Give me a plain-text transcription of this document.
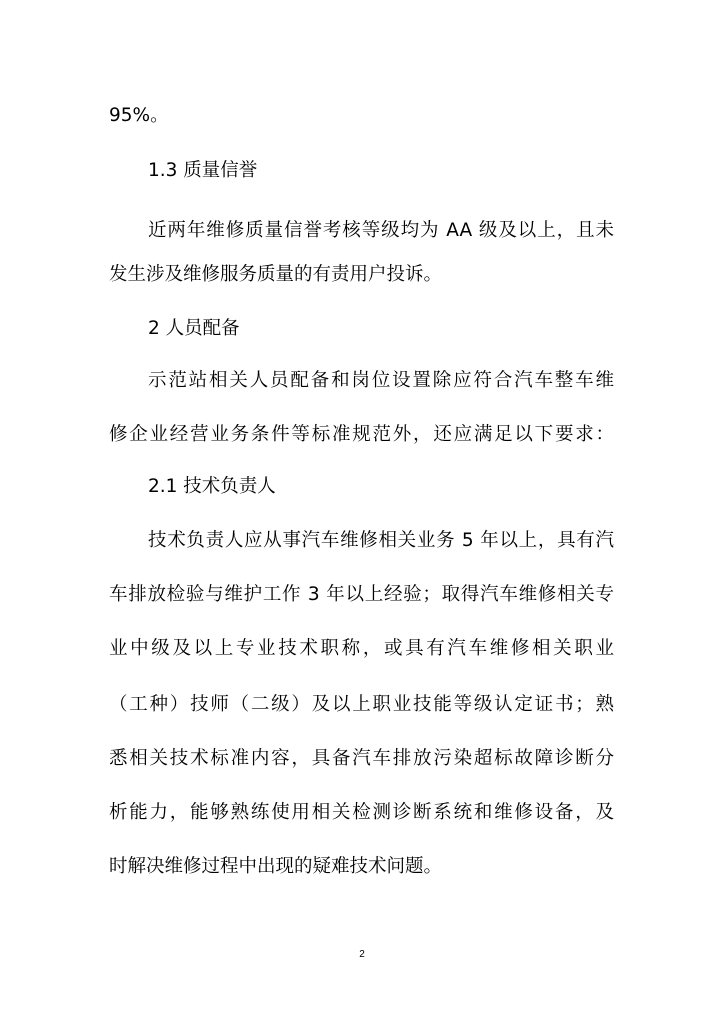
95%。
1.3 质量信誉
近两年维修质量信誉考核等级均为 AA 级及以上，且未
发生涉及维修服务质量的有责用户投诉。
2 人员配备
示范站相关人员配备和岗位设置除应符合汽车整车维
修企业经营业务条件等标准规范外，还应满足以下要求：
2.1 技术负责人
技术负责人应从事汽车维修相关业务 5 年以上，具有汽
车排放检验与维护工作 3 年以上经验；取得汽车维修相关专
业中级及以上专业技术职称，或具有汽车维修相关职业
（工种）技师（二级）及以上职业技能等级认定证书；熟
悉相关技术标准内容，具备汽车排放污染超标故障诊断分
析能力，能够熟练使用相关检测诊断系统和维修设备，及
时解决维修过程中出现的疑难技术问题。
2
